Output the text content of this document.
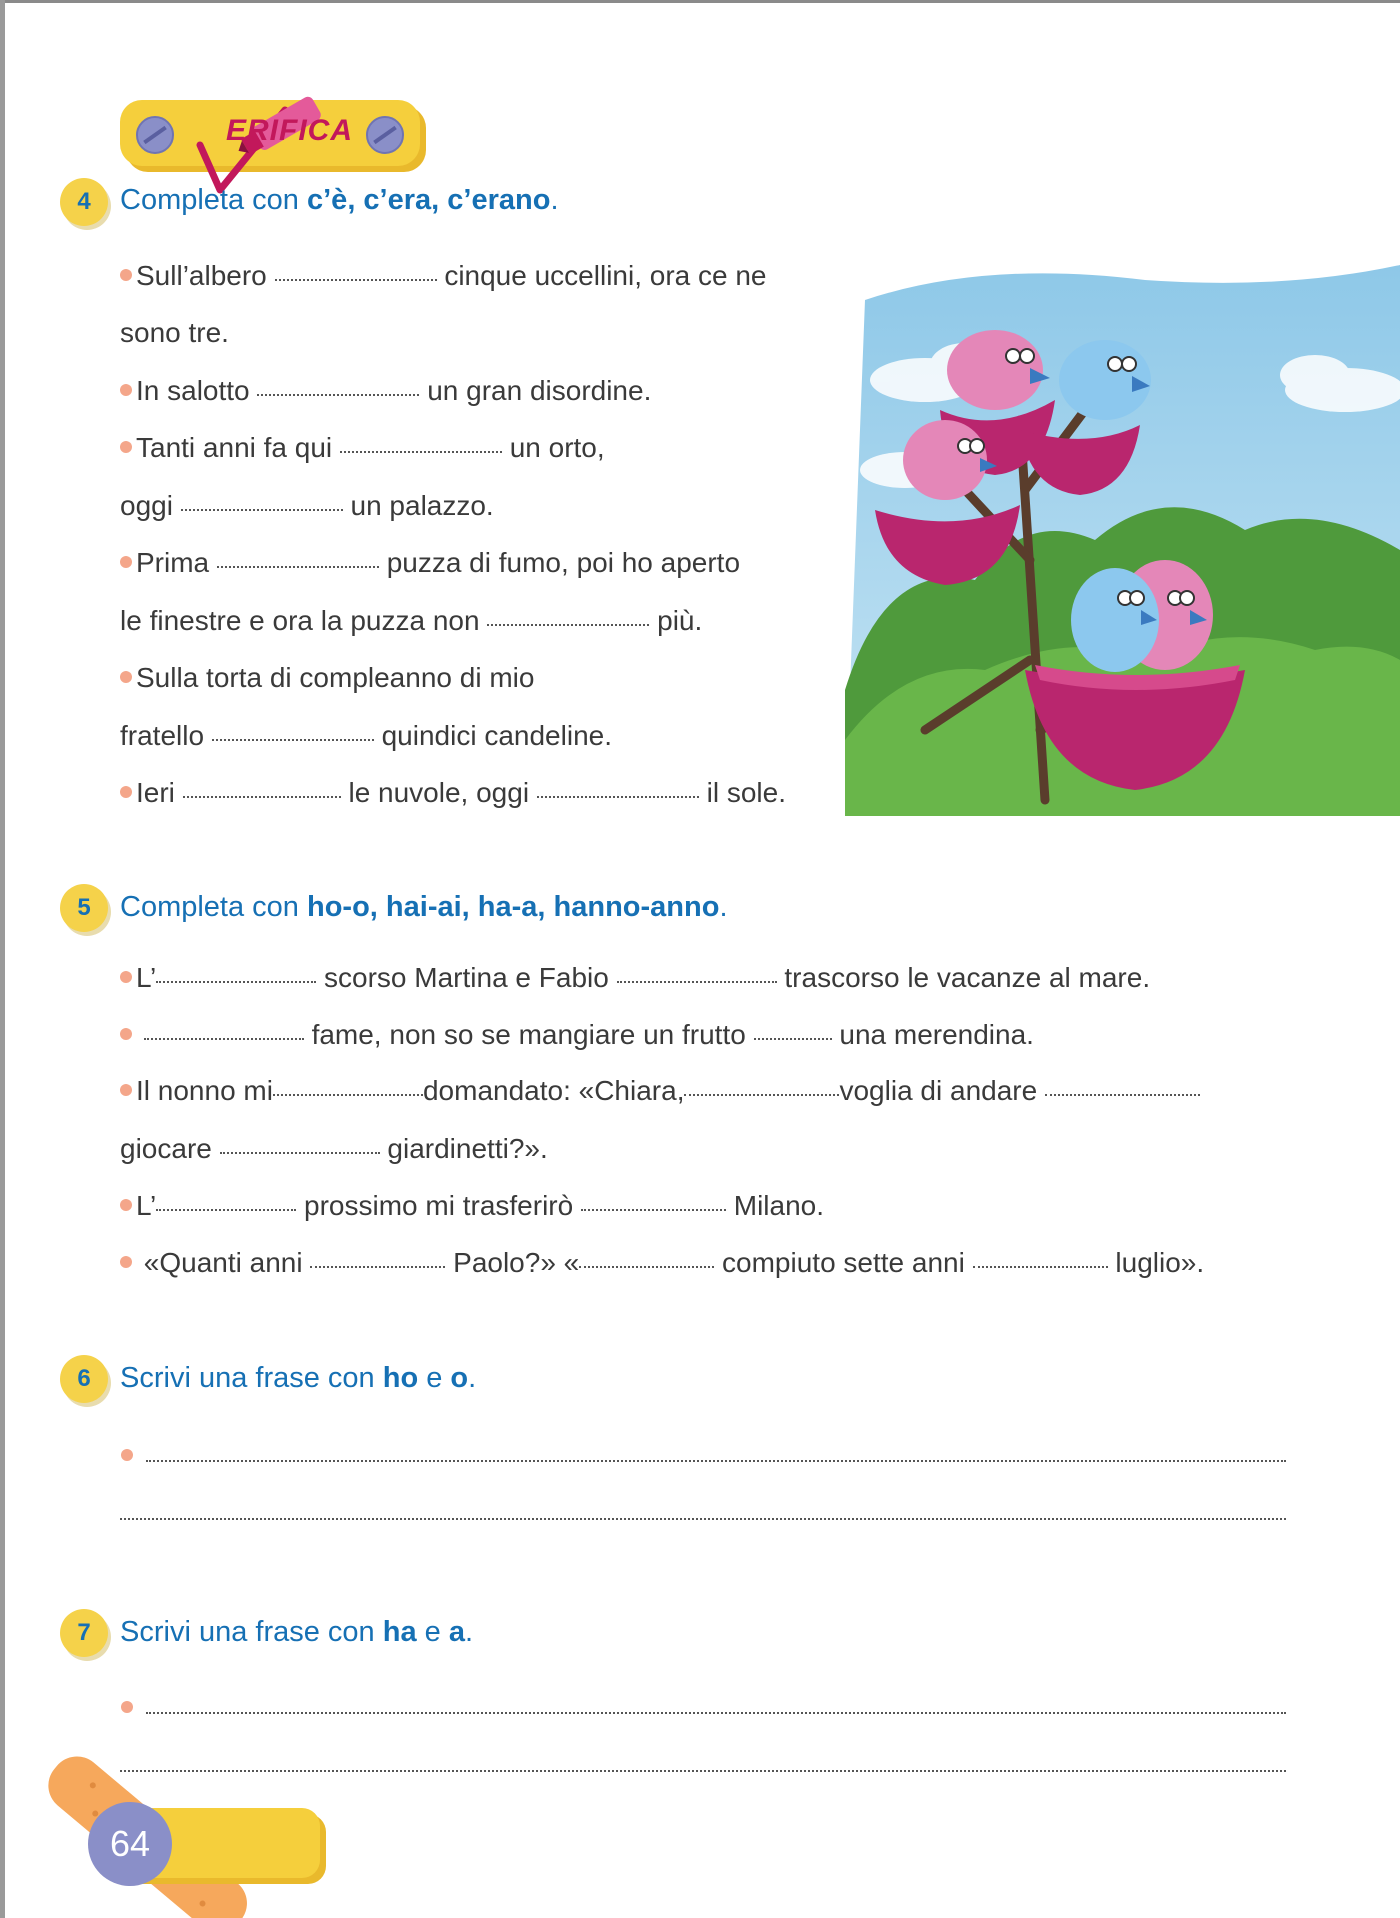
ERIFICA
4	Completa con c’è, c’era, c’erano.
Sull’albero	cinque uccellini, ora ce ne
sono tre.
In salotto	un gran disordine.
Tanti anni fa qui	un orto,
oggi	un palazzo.
Prima	puzza di fumo, poi ho aperto
le finestre e ora la puzza non	più.
Sulla torta di compleanno di mio
fratello	quindici candeline.
Ieri	le nuvole, oggi	il sole.
5	Completa con ho-o, hai-ai, ha-a, hanno-anno.
L’	scorso Martina e Fabio	trascorso le vacanze al mare.
fame, non so se mangiare un frutto	una merendina.
Il nonno mi	domandato: «Chiara,	voglia di andare
giocare	giardinetti?».
L’	prossimo mi trasferirò	Milano.
«Quanti anni	Paolo?» «	compiuto sette anni	luglio».
6	Scrivi una frase con ho e o.
7	Scrivi una frase con ha e a.
64
